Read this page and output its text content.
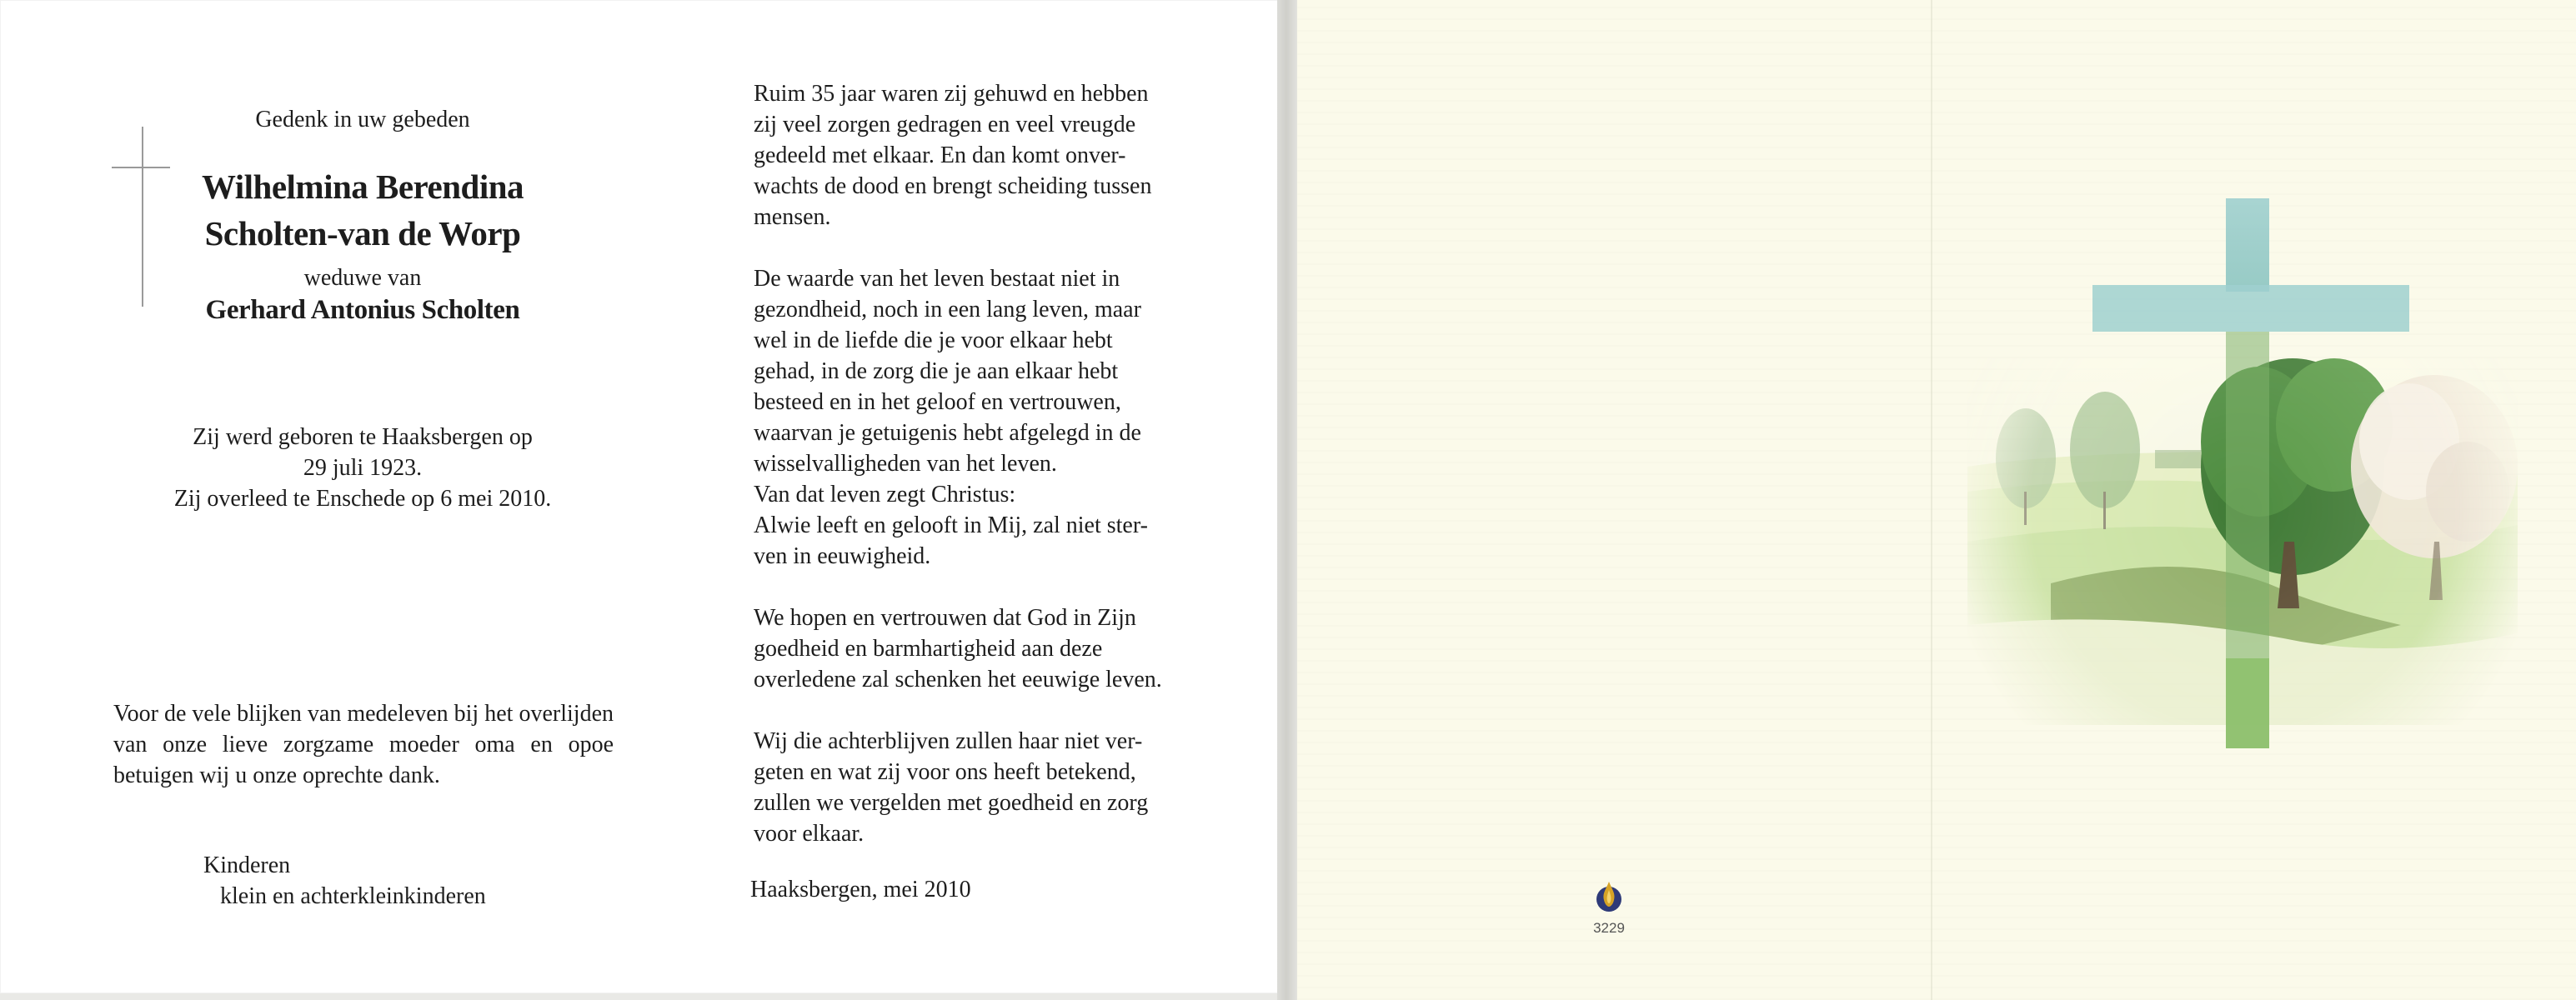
Gedenk in uw gebeden
Wilhelmina Berendina
Scholten-van de Worp
weduwe van
Gerhard Antonius Scholten
Zij werd geboren te Haaksbergen op
29 juli 1923.
Zij overleed te Enschede op 6 mei 2010.

Voor de vele blijken van medeleven bij het overlijden van onze lieve zorgzame moeder oma en opoe betuigen wij u onze oprechte dank.

Kinderen
klein en achterkleinkinderen

Ruim 35 jaar waren zij gehuwd en hebben
zij veel zorgen gedragen en veel vreugde
gedeeld met elkaar. En dan komt onver-
wachts de dood en brengt scheiding tussen
mensen.

De waarde van het leven bestaat niet in
gezondheid, noch in een lang leven, maar
wel in de liefde die je voor elkaar hebt
gehad, in de zorg die je aan elkaar hebt
besteed en in het geloof en vertrouwen,
waarvan je getuigenis hebt afgelegd in de
wisselvalligheden van het leven.
Van dat leven zegt Christus:
Alwie leeft en gelooft in Mij, zal niet ster-
ven in eeuwigheid.

We hopen en vertrouwen dat God in Zijn
goedheid en barmhartigheid aan deze
overledene zal schenken het eeuwige leven.

Wij die achterblijven zullen haar niet ver-
geten en wat zij voor ons heeft betekend,
zullen we vergelden met goedheid en zorg
voor elkaar.

Haaksbergen, mei 2010
3229
